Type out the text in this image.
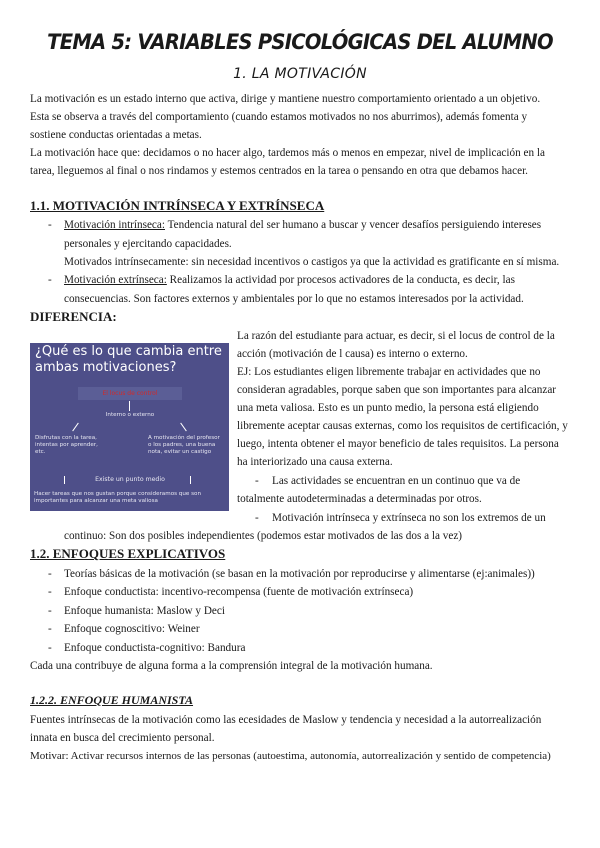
TEMA 5: VARIABLES PSICOLÓGICAS DEL ALUMNO
1. LA MOTIVACIÓN
La motivación es un estado interno que activa, dirige y mantiene nuestro comportamiento orientado a un objetivo.
Esta se observa a través del comportamiento (cuando estamos motivados no nos aburrimos), además fomenta y
sostiene conductas orientadas a metas.
La motivación hace que: decidamos o no hacer algo, tardemos más o menos en empezar, nivel de implicación en la
tarea, lleguemos al final o nos rindamos y estemos centrados en la tarea o pensando en otra que debamos hacer.
1.1. MOTIVACIÓN INTRÍNSECA Y EXTRÍNSECA
- Motivación intrínseca: Tendencia natural del ser humano a buscar y vencer desafíos persiguiendo intereses
personales y ejercitando capacidades.
Motivados intrínsecamente: sin necesidad incentivos o castigos ya que la actividad es gratificante en sí misma.
- Motivación extrínseca: Realizamos la actividad por procesos activadores de la conducta, es decir, las
consecuencias. Son factores externos y ambientales por lo que no estamos interesados por la actividad.
DIFERENCIA:
¿Qué es lo que cambia entre ambas motivaciones?
El locus de control
Interno o externo
Disfrutas con la tarea, intentas por aprender, etc.
A motivación del profesor o los padres, una buena nota, evitar un castigo
Existe un punto medio
Hacer tareas que nos gustan porque consideramos que son importantes para alcanzar una meta valiosa
La razón del estudiante para actuar, es decir, si el locus de control de la
acción (motivación de l causa) es interno o externo.
EJ: Los estudiantes eligen libremente trabajar en actividades que no
consideran agradables, porque saben que son importantes para alcanzar
una meta valiosa. Esto es un punto medio, la persona está eligiendo
libremente aceptar causas externas, como los requisitos de certificación, y
luego, intenta obtener el mayor beneficio de tales requisitos. La persona
ha interiorizado una causa externa.
- Las actividades se encuentran en un continuo que va de
totalmente autodeterminadas a determinadas por otros.
- Motivación intrínseca y extrínseca no son los extremos de un
continuo: Son dos posibles independientes (podemos estar motivados de las dos a la vez)
1.2. ENFOQUES EXPLICATIVOS
- Teorías básicas de la motivación (se basan en la motivación por reproducirse y alimentarse (ej:animales))
- Enfoque conductista: incentivo-recompensa (fuente de motivación extrínseca)
- Enfoque humanista: Maslow y Deci
- Enfoque cognoscitivo: Weiner
- Enfoque conductista-cognitivo: Bandura
Cada una contribuye de alguna forma a la comprensión integral de la motivación humana.
1.2.2. ENFOQUE HUMANISTA
Fuentes intrínsecas de la motivación como las ecesidades de Maslow y tendencia y necesidad a la autorrealización
innata en busca del crecimiento personal.
Motivar: Activar recursos internos de las personas (autoestima, autonomía, autorrealización y sentido de competencia)
